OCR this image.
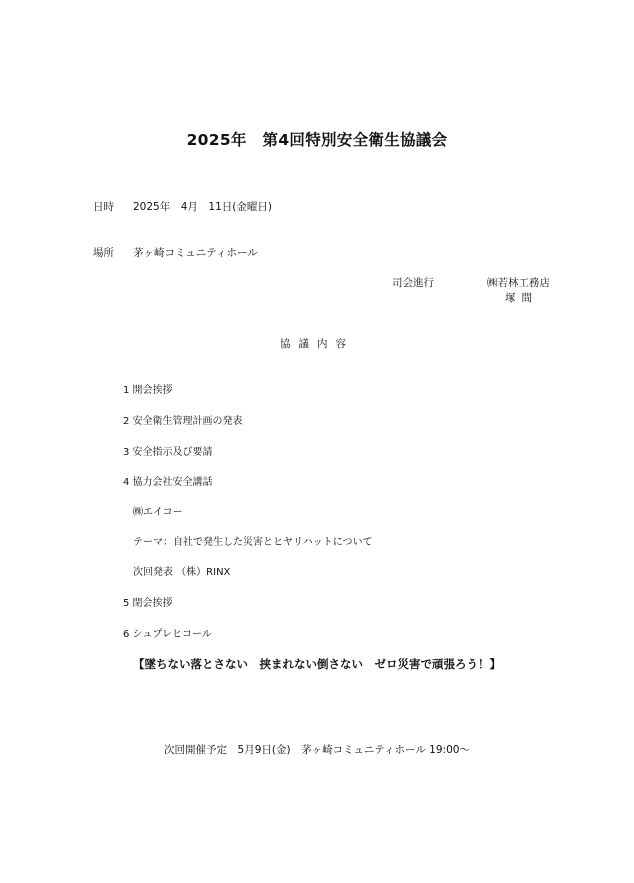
2025年　第4回特別安全衛生協議会
日時 2025年　4月　11日(金曜日)
場所 茅ヶ崎コミュニティホール
司会進行	㈱若林工務店
塚間
協議内容
1 開会挨拶
2 安全衛生管理計画の発表
3 安全指示及び要請
4 協力会社安全講話
㈱エイコー
テーマ：自社で発生した災害とヒヤリハットについて
次回発表 （株）RINX
5 閉会挨拶
6 シュプレヒコール
【墜ちない落とさない　挟まれない倒さない　ゼロ災害で頑張ろう！】
次回開催予定　5月9日(金)　茅ヶ崎コミュニティホール 19:00〜
